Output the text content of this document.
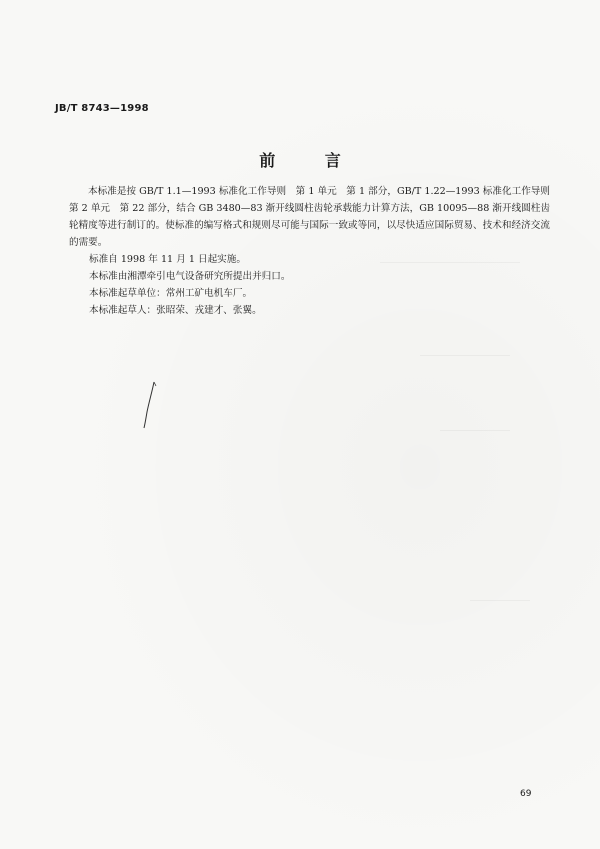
JB/T 8743—1998
前 言

本标准是按 GB/T 1.1—1993 标准化工作导则　第 1 单元　第 1 部分，GB/T 1.22—1993 标准化工作导则　第 2 单元　第 22 部分，结合 GB 3480—83 渐开线圆柱齿轮承载能力计算方法，GB 10095—88 渐开线圆柱齿轮精度等进行制订的。使标准的编写格式和规则尽可能与国际一致或等同，以尽快适应国际贸易、技术和经济交流的需要。

标准自 1998 年 11 月 1 日起实施。

本标准由湘潭牵引电气设备研究所提出并归口。

本标准起草单位：常州工矿电机车厂。

本标准起草人：张昭荣、戎建才、张翼。

69
